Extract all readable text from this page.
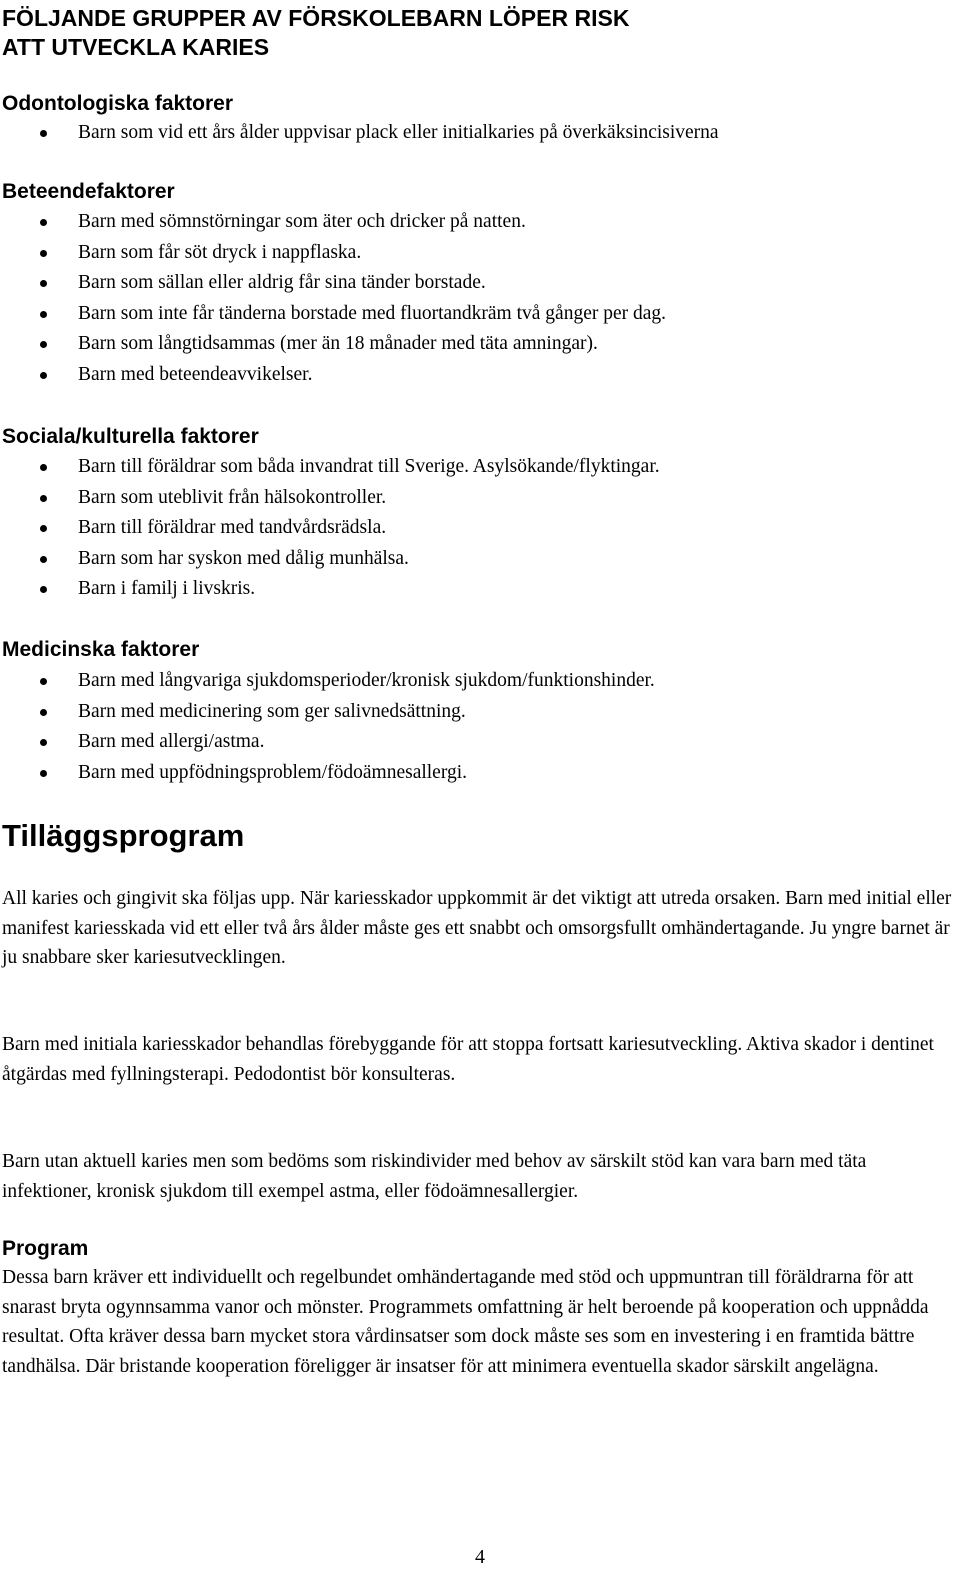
FÖLJANDE GRUPPER AV FÖRSKOLEBARN LÖPER RISK
ATT UTVECKLA KARIES
Odontologiska faktorer
Barn som vid ett års ålder uppvisar plack eller initialkaries på överkäksincisiverna
Beteendefaktorer
Barn med sömnstörningar som äter och dricker på natten.
Barn som får söt dryck i nappflaska.
Barn som sällan eller aldrig får sina tänder borstade.
Barn som inte får tänderna borstade med fluortandkräm två gånger per dag.
Barn som långtidsammas (mer än 18 månader med täta amningar).
Barn med beteendeavvikelser.
Sociala/kulturella faktorer
Barn till föräldrar som båda invandrat till Sverige. Asylsökande/flyktingar.
Barn som uteblivit från hälsokontroller.
Barn till föräldrar med tandvårdsrädsla.
Barn som har syskon med dålig munhälsa.
Barn i familj i livskris.
Medicinska faktorer
Barn med långvariga sjukdomsperioder/kronisk sjukdom/funktionshinder.
Barn med medicinering som ger salivnedsättning.
Barn med allergi/astma.
Barn med uppfödningsproblem/födoämnesallergi.
Tilläggsprogram

All karies och gingivit ska följas upp. När kariesskador uppkommit är det viktigt att utreda orsaken. Barn med initial eller manifest kariesskada vid ett eller två års ålder måste ges ett snabbt och omsorgsfullt omhändertagande. Ju yngre barnet är ju snabbare sker kariesutvecklingen.

Barn med initiala kariesskador behandlas förebyggande för att stoppa fortsatt kariesutveckling. Aktiva skador i dentinet åtgärdas med fyllningsterapi. Pedodontist bör konsulteras.

Barn utan aktuell karies men som bedöms som riskindivider med behov av särskilt stöd kan vara barn med täta infektioner, kronisk sjukdom till exempel astma, eller födoämnesallergier.

Program

Dessa barn kräver ett individuellt och regelbundet omhändertagande med stöd och uppmuntran till föräldrarna för att snarast bryta ogynnsamma vanor och mönster. Programmets omfattning är helt beroende på kooperation och uppnådda resultat. Ofta kräver dessa barn mycket stora vårdinsatser som dock måste ses som en investering i en framtida bättre tandhälsa. Där bristande kooperation föreligger är insatser för att minimera eventuella skador särskilt angelägna.

4
